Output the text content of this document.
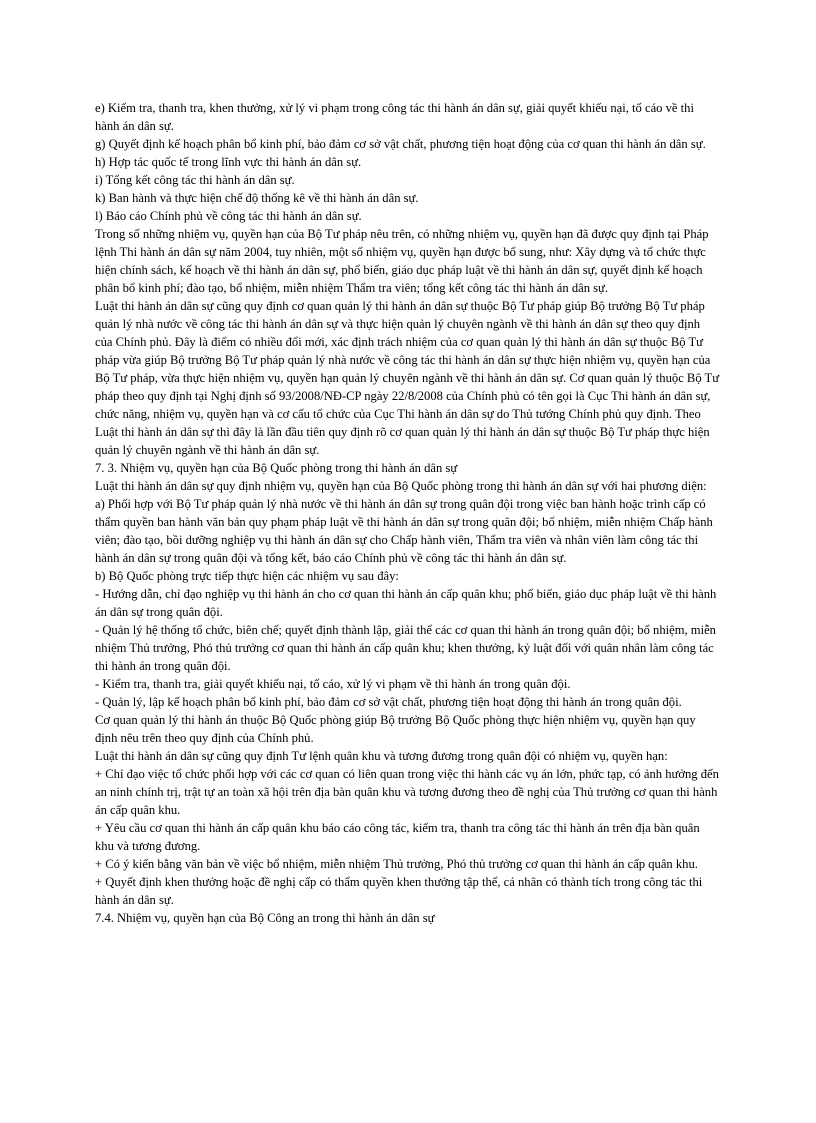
e) Kiểm tra, thanh tra, khen thưởng, xử lý vi phạm trong công tác thi hành án dân sự, giải quyết khiếu nại, tố cáo về thi hành án dân sự.

g) Quyết định kế hoạch phân bổ kinh phí, bảo đảm cơ sở vật chất, phương tiện hoạt động của cơ quan thi hành án dân sự.

h) Hợp tác quốc tế trong lĩnh vực thi hành án dân sự.

i) Tổng kết công tác thi hành án dân sự.

k) Ban hành và thực hiện chế độ thống kê về thi hành án dân sự.

l) Báo cáo Chính phủ về công tác thi hành án dân sự.

Trong số những nhiệm vụ, quyền hạn của Bộ Tư pháp nêu trên, có những nhiệm vụ, quyền hạn đã được quy định tại Pháp lệnh Thi hành án dân sự năm 2004, tuy nhiên, một số nhiệm vụ, quyền hạn được bổ sung, như: Xây dựng và tổ chức thực hiện chính sách, kế hoạch về thi hành án dân sự, phổ biến, giáo dục pháp luật về thi hành án dân sự, quyết định kế hoạch phân bổ kinh phí; đào tạo, bổ nhiệm, miễn nhiệm Thẩm tra viên; tổng kết công tác thi hành án dân sự.

Luật thi hành án dân sự cũng quy định cơ quan quản lý thi hành án dân sự thuộc Bộ Tư pháp giúp Bộ trưởng Bộ Tư pháp quản lý nhà nước về công tác thi hành án dân sự và thực hiện quản lý chuyên ngành về thi hành án dân sự theo quy định của Chính phủ. Đây là điểm có nhiều đổi mới, xác định trách nhiệm của cơ quan quản lý thi hành án dân sự thuộc Bộ Tư pháp vừa giúp Bộ trưởng Bộ Tư pháp quản lý nhà nước về công tác thi hành án dân sự thực hiện nhiệm vụ, quyền hạn của Bộ Tư pháp, vừa thực hiện nhiệm vụ, quyền hạn quản lý chuyên ngành về thi hành án dân sự. Cơ quan quản lý thuộc Bộ Tư pháp theo quy định tại Nghị định số 93/2008/NĐ-CP ngày 22/8/2008 của Chính phủ có tên gọi là Cục Thi hành án dân sự, chức năng, nhiệm vụ, quyền hạn và cơ cấu tổ chức của Cục Thi hành án dân sự do Thủ tướng Chính phủ quy định. Theo Luật thi hành án dân sự thì đây là lần đầu tiên quy định rõ cơ quan quản lý thi hành án dân sự thuộc Bộ Tư pháp thực hiện quản lý chuyên ngành về thi hành án dân sự.

7. 3. Nhiệm vụ, quyền hạn của Bộ Quốc phòng trong thi hành án dân sự

Luật thi hành án dân sự quy định nhiệm vụ, quyền hạn của Bộ Quốc phòng trong thi hành án dân sự với hai phương diện:

a) Phối hợp với Bộ Tư pháp quản lý nhà nước về thi hành án dân sự trong quân đội trong việc ban hành hoặc trình cấp có thẩm quyền ban hành văn bản quy phạm pháp luật về thi hành án dân sự trong quân đội; bổ nhiệm, miễn nhiệm Chấp hành viên; đào tạo, bồi dưỡng nghiệp vụ thi hành án dân sự cho Chấp hành viên, Thẩm tra viên và nhân viên làm công tác thi hành án dân sự trong quân đội và tổng kết, báo cáo Chính phủ về công tác thi hành án dân sự.

b) Bộ Quốc phòng trực tiếp thực hiện các nhiệm vụ sau đây:

- Hướng dẫn, chỉ đạo nghiệp vụ thi hành án cho cơ quan thi hành án cấp quân khu; phổ biến, giáo dục pháp luật về thi hành án dân sự trong quân đội.

- Quản lý hệ thống tổ chức, biên chế; quyết định thành lập, giải thể các cơ quan thi hành án trong quân đội; bổ nhiệm, miễn nhiệm Thủ trưởng, Phó thủ trưởng cơ quan thi hành án cấp quân khu; khen thưởng, kỷ luật đối với quân nhân làm công tác thi hành án trong quân đội.

- Kiểm tra, thanh tra, giải quyết khiếu nại, tố cáo, xử lý vi phạm về thi hành án trong quân đội.

- Quản lý, lập kế hoạch phân bổ kinh phí, bảo đảm cơ sở vật chất, phương tiện hoạt động thi hành án trong quân đội.

Cơ quan quản lý thi hành án thuộc Bộ Quốc phòng giúp Bộ trưởng Bộ Quốc phòng thực hiện nhiệm vụ, quyền hạn quy định nêu trên theo quy định của Chính phủ.

Luật thi hành án dân sự cũng quy định Tư lệnh quân khu và tương đương trong quân đội có nhiệm vụ, quyền hạn:

+ Chỉ đạo việc tổ chức phối hợp với các cơ quan có liên quan trong việc thi hành các vụ án lớn, phức tạp, có ảnh hưởng đến an ninh chính trị, trật tự an toàn xã hội trên địa bàn quân khu và tương đương theo đề nghị của Thủ trưởng cơ quan thi hành án cấp quân khu.

+ Yêu cầu cơ quan thi hành án cấp quân khu báo cáo công tác, kiểm tra, thanh tra công tác thi hành án trên địa bàn quân khu và tương đương.

+ Có ý kiến bằng văn bản về việc bổ nhiệm, miễn nhiệm Thủ trưởng, Phó thủ trưởng cơ quan thi hành án cấp quân khu.

+ Quyết định khen thưởng hoặc đề nghị cấp có thẩm quyền khen thưởng tập thể, cá nhân có thành tích trong công tác thi hành án dân sự.

7.4. Nhiệm vụ, quyền hạn của Bộ Công an trong thi hành án dân sự
